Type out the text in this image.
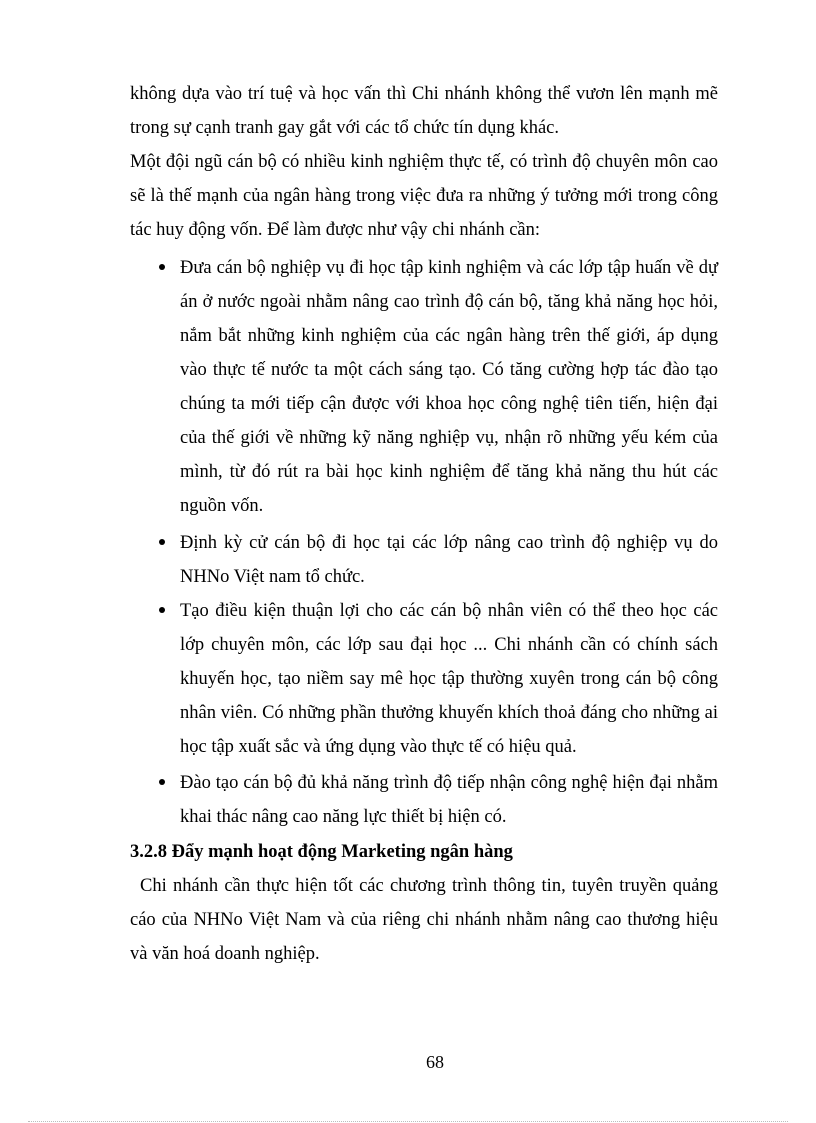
không dựa vào trí tuệ và học vấn thì Chi nhánh không thể vươn lên mạnh mẽ

trong sự cạnh tranh gay gắt với các tổ chức tín dụng khác.

Một đội ngũ cán bộ có nhiều kinh nghiệm thực tế, có trình độ chuyên môn cao

sẽ là thế mạnh của ngân hàng trong việc đưa ra những ý tưởng mới trong công

tác huy động vốn. Để làm được như vậy chi nhánh cần:

Đưa cán bộ nghiệp vụ đi học tập kinh nghiệm và các lớp tập huấn về dự

án ở nước ngoài nhằm nâng cao trình độ cán bộ, tăng khả năng học hỏi,

nắm bắt những kinh nghiệm của các ngân hàng trên thế giới, áp dụng

vào thực tế nước ta một cách sáng tạo. Có tăng cường hợp tác đào tạo

chúng ta mới tiếp cận được với khoa học công nghệ tiên tiến, hiện đại

của thế giới về những kỹ năng nghiệp vụ, nhận rõ những yếu kém của

mình, từ đó rút ra bài học kinh nghiệm để tăng khả năng thu hút các

nguồn vốn.

Định kỳ cử cán bộ đi học tại các lớp nâng cao trình độ nghiệp vụ do

NHNo Việt nam tổ chức.

Tạo điều kiện thuận lợi cho các cán bộ nhân viên có thể theo học các

lớp chuyên môn, các lớp sau đại học ... Chi nhánh cần có chính sách

khuyến học, tạo niềm say mê học tập thường xuyên trong cán bộ công

nhân viên. Có những phần thưởng khuyến khích thoả đáng cho những ai

học tập xuất sắc và ứng dụng vào thực tế có hiệu quả.

Đào tạo cán bộ đủ khả năng trình độ tiếp nhận công nghệ hiện đại nhằm

khai thác nâng cao năng lực thiết bị hiện có.

3.2.8 Đẩy mạnh hoạt động Marketing ngân hàng

Chi nhánh cần thực hiện tốt các chương trình thông tin, tuyên truyền quảng

cáo của NHNo Việt Nam và của riêng chi nhánh nhằm nâng cao thương hiệu

và văn hoá doanh nghiệp.

68
